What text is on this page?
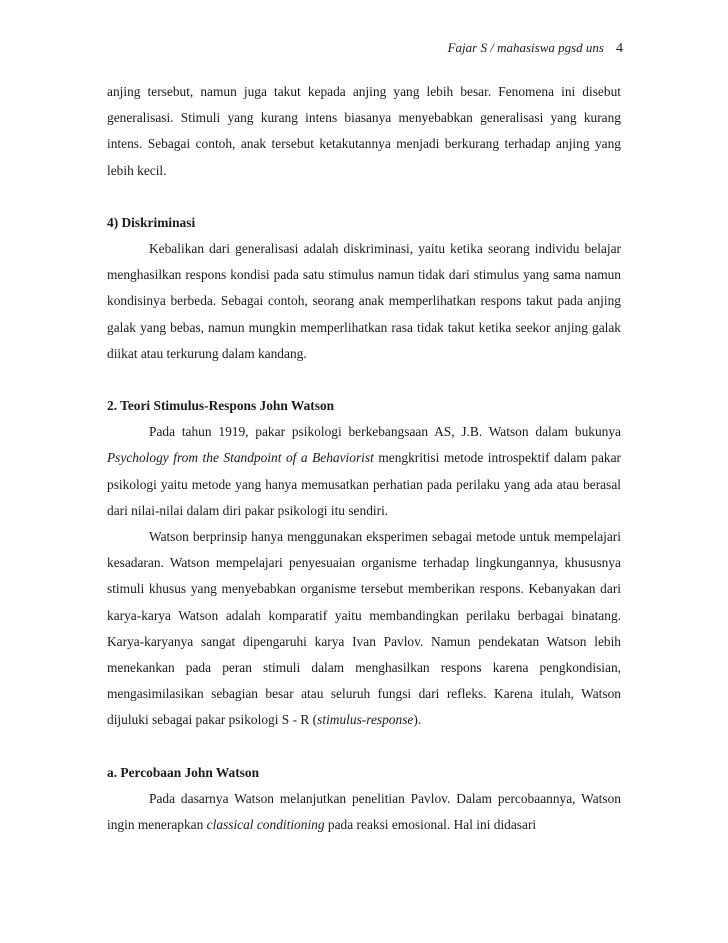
Fajar S / mahasiswa pgsd uns 4

anjing tersebut, namun juga takut kepada anjing yang lebih besar. Fenomena ini disebut generalisasi. Stimuli yang kurang intens biasanya menyebabkan generalisasi yang kurang intens. Sebagai contoh, anak tersebut ketakutannya menjadi berkurang terhadap anjing yang lebih kecil.

4) Diskriminasi

Kebalikan dari generalisasi adalah diskriminasi, yaitu ketika seorang individu belajar menghasilkan respons kondisi pada satu stimulus namun tidak dari stimulus yang sama namun kondisinya berbeda. Sebagai contoh, seorang anak memperlihatkan respons takut pada anjing galak yang bebas, namun mungkin memperlihatkan rasa tidak takut ketika seekor anjing galak diikat atau terkurung dalam kandang.

2. Teori Stimulus-Respons John Watson

Pada tahun 1919, pakar psikologi berkebangsaan AS, J.B. Watson dalam bukunya Psychology from the Standpoint of a Behaviorist mengkritisi metode introspektif dalam pakar psikologi yaitu metode yang hanya memusatkan perhatian pada perilaku yang ada atau berasal dari nilai-nilai dalam diri pakar psikologi itu sendiri.

Watson berprinsip hanya menggunakan eksperimen sebagai metode untuk mempelajari kesadaran. Watson mempelajari penyesuaian organisme terhadap lingkungannya, khususnya stimuli khusus yang menyebabkan organisme tersebut memberikan respons. Kebanyakan dari karya-karya Watson adalah komparatif yaitu membandingkan perilaku berbagai binatang. Karya-karyanya sangat dipengaruhi karya Ivan Pavlov. Namun pendekatan Watson lebih menekankan pada peran stimuli dalam menghasilkan respons karena pengkondisian, mengasimilasikan sebagian besar atau seluruh fungsi dari refleks. Karena itulah, Watson dijuluki sebagai pakar psikologi S - R (stimulus-response).

a. Percobaan John Watson

Pada dasarnya Watson melanjutkan penelitian Pavlov. Dalam percobaannya, Watson ingin menerapkan classical conditioning pada reaksi emosional. Hal ini didasari
